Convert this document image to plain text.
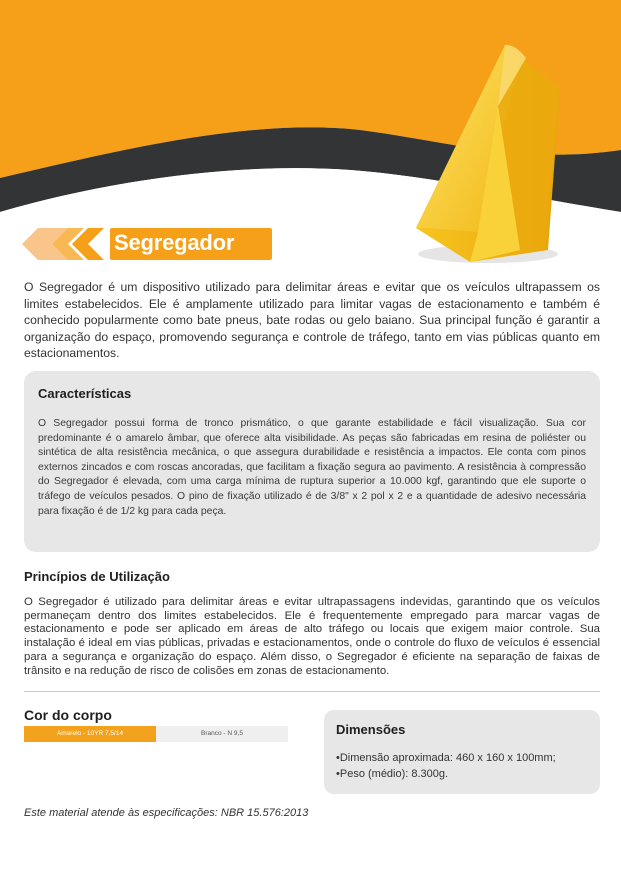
Segregador

O Segregador é um dispositivo utilizado para delimitar áreas e evitar que os veículos ultrapassem os limites estabelecidos. Ele é amplamente utilizado para limitar vagas de estacionamento e também é conhecido popularmente como bate pneus, bate rodas ou gelo baiano. Sua principal função é garantir a organização do espaço, promovendo segurança e controle de tráfego, tanto em vias públicas quanto em estacionamentos.

Características

O Segregador possui forma de tronco prismático, o que garante estabilidade e fácil visualização. Sua cor predominante é o amarelo âmbar, que oferece alta visibilidade. As peças são fabricadas em resina de poliéster ou sintética de alta resistência mecânica, o que assegura durabilidade e resistência a impactos. Ele conta com pinos externos zincados e com roscas ancoradas, que facilitam a fixação segura ao pavimento. A resistência à compressão do Segregador é elevada, com uma carga mínima de ruptura superior a 10.000 kgf, garantindo que ele suporte o tráfego de veículos pesados. O pino de fixação utilizado é de 3/8" x 2 pol x 2 e a quantidade de adesivo necessária para fixação é de 1/2 kg para cada peça.

Princípios de Utilização

O Segregador é utilizado para delimitar áreas e evitar ultrapassagens indevidas, garantindo que os veículos permaneçam dentro dos limites estabelecidos. Ele é frequentemente empregado para marcar vagas de estacionamento e pode ser aplicado em áreas de alto tráfego ou locais que exigem maior controle. Sua instalação é ideal em vias públicas, privadas e estacionamentos, onde o controle do fluxo de veículos é essencial para a segurança e organização do espaço. Além disso, o Segregador é eficiente na separação de faixas de trânsito e na redução de risco de colisões em zonas de estacionamento.

Cor do corpo
Amarelo - 10YR 7,5/14	Branco - N 9,5	Dimensões
• Dimensão aproximada: 460 x 160 x 100mm;
• Peso (médio): 8.300g.

Este material atende às especificações: NBR 15.576:2013
